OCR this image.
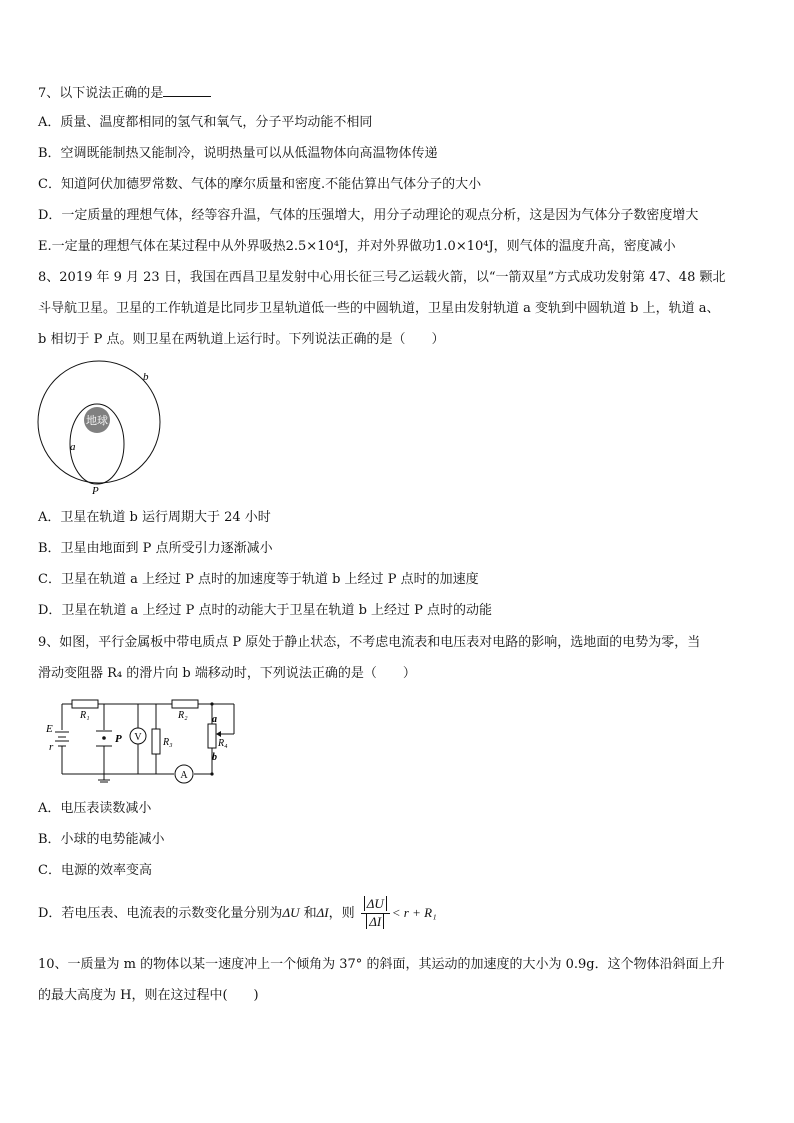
7、以下说法正确的是
A．质量、温度都相同的氢气和氧气，分子平均动能不相同
B．空调既能制热又能制冷，说明热量可以从低温物体向高温物体传递
C．知道阿伏加德罗常数、气体的摩尔质量和密度.不能估算出气体分子的大小
D．一定质量的理想气体，经等容升温，气体的压强增大，用分子动理论的观点分析，这是因为气体分子数密度增大
E.一定量的理想气体在某过程中从外界吸热2.5×10⁴J，并对外界做功1.0×10⁴J，则气体的温度升高，密度减小
8、2019 年 9 月 23 日，我国在西昌卫星发射中心用长征三号乙运载火箭，以“一箭双星”方式成功发射第 47、48 颗北
斗导航卫星。卫星的工作轨道是比同步卫星轨道低一些的中圆轨道，卫星由发射轨道 a 变轨到中圆轨道 b 上，轨道 a、
b 相切于 P 点。则卫星在两轨道上运行时。下列说法正确的是（　　）
地球
b
a
P
A．卫星在轨道 b 运行周期大于 24 小时
B．卫星由地面到 P 点所受引力逐渐减小
C．卫星在轨道 a 上经过 P 点时的加速度等于轨道 b 上经过 P 点时的加速度
D．卫星在轨道 a 上经过 P 点时的动能大于卫星在轨道 b 上经过 P 点时的动能
9、如图，平行金属板中带电质点 P 原处于静止状态，不考虑电流表和电压表对电路的影响，选地面的电势为零，当
滑动变阻器 R₄ 的滑片向 b 端移动时，下列说法正确的是（　　）
V
A
R₁	R₂
R₃	R₄
E
r
P
a
b
A．电压表读数减小
B．小球的电势能减小
C．电源的效率变高
D．若电压表、电流表的示数变化量分别为ΔU 和ΔI，则 $\frac{\Delta U}{\Delta I} < r + R_1$
10、一质量为 m 的物体以某一速度冲上一个倾角为 37° 的斜面，其运动的加速度的大小为 0.9g．这个物体沿斜面上升
的最大高度为 H，则在这过程中(　　)
